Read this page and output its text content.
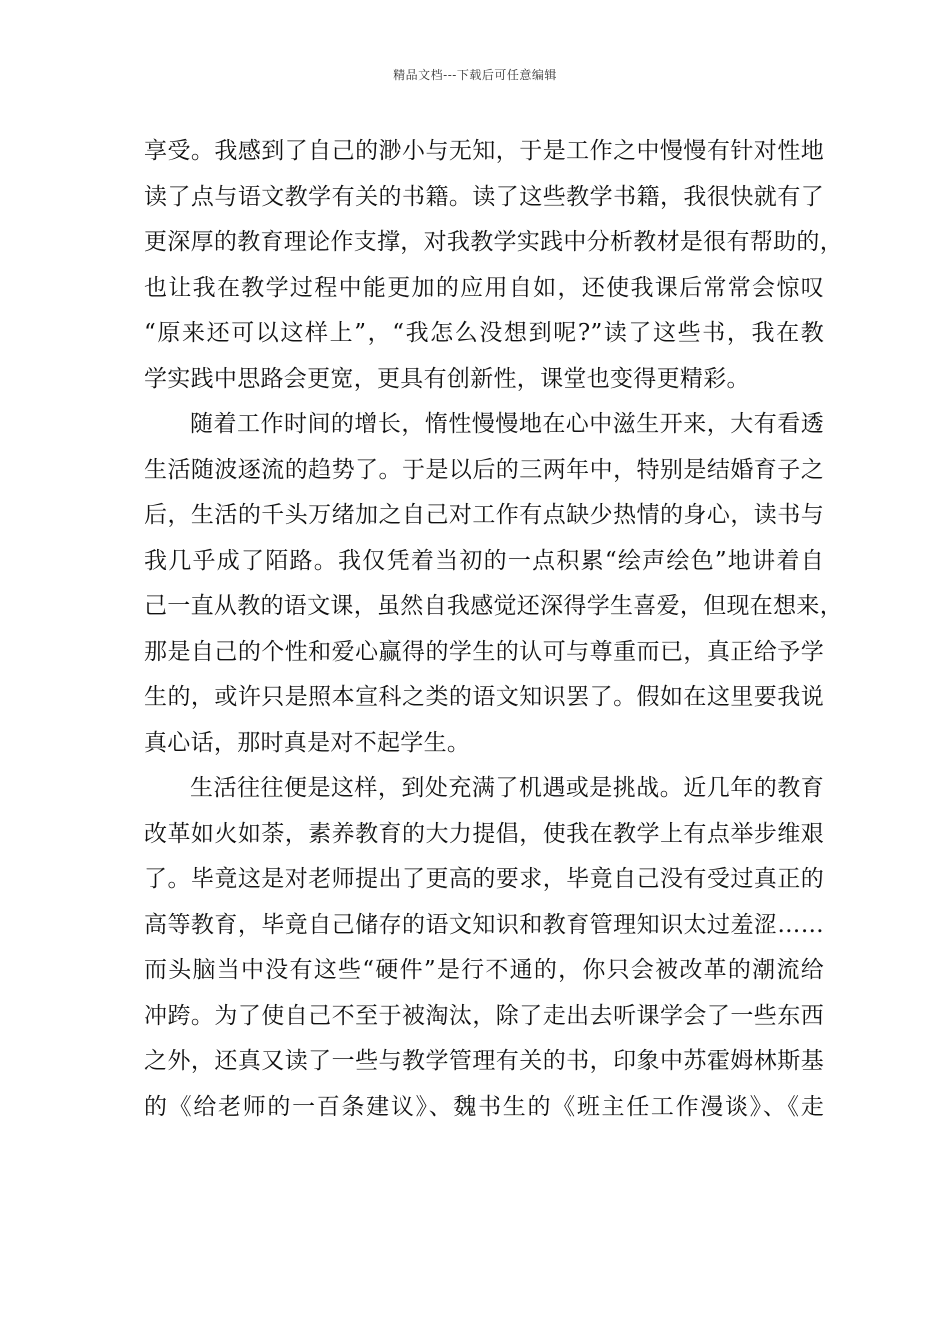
精品文档---下载后可任意编辑
享受。我感到了自己的渺小与无知，于是工作之中慢慢有针对性地
读了点与语文教学有关的书籍。读了这些教学书籍，我很快就有了
更深厚的教育理论作支撑，对我教学实践中分析教材是很有帮助的，
也让我在教学过程中能更加的应用自如，还使我课后常常会惊叹
“原来还可以这样上”，“我怎么没想到呢?”读了这些书，我在教
学实践中思路会更宽，更具有创新性，课堂也变得更精彩。
随着工作时间的增长，惰性慢慢地在心中滋生开来，大有看透
生活随波逐流的趋势了。于是以后的三两年中，特别是结婚育子之
后，生活的千头万绪加之自己对工作有点缺少热情的身心，读书与
我几乎成了陌路。我仅凭着当初的一点积累“绘声绘色”地讲着自
己一直从教的语文课，虽然自我感觉还深得学生喜爱，但现在想来，
那是自己的个性和爱心赢得的学生的认可与尊重而已，真正给予学
生的，或许只是照本宣科之类的语文知识罢了。假如在这里要我说
真心话，那时真是对不起学生。
生活往往便是这样，到处充满了机遇或是挑战。近几年的教育
改革如火如荼，素养教育的大力提倡，使我在教学上有点举步维艰
了。毕竟这是对老师提出了更高的要求，毕竟自己没有受过真正的
高等教育，毕竟自己储存的语文知识和教育管理知识太过羞涩……
而头脑当中没有这些“硬件”是行不通的，你只会被改革的潮流给
冲跨。为了使自己不至于被淘汰，除了走出去听课学会了一些东西
之外，还真又读了一些与教学管理有关的书，印象中苏霍姆林斯基
的《给老师的一百条建议》、魏书生的《班主任工作漫谈》、《走
